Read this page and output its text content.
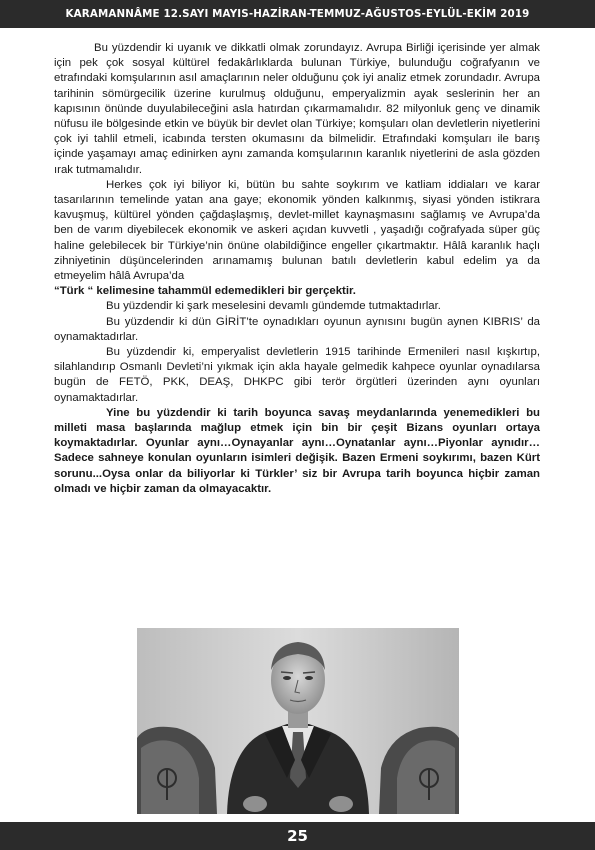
KARAMANNÂME 12.SAYI MAYIS-HAZİRAN-TEMMUZ-AĞUSTOS-EYLÜL-EKİM 2019

Bu yüzdendir ki uyanık ve dikkatli olmak zorundayız. Avrupa Birliği içerisinde yer almak için pek çok sosyal kültürel fedakârlıklarda bulunan Türkiye, bulunduğu coğrafyanın ve etrafındaki komşularının asıl amaçlarının neler olduğunu çok iyi analiz etmek zorundadır. Avrupa tarihinin sömürgecilik üzerine kurulmuş olduğunu, emperyalizmin ayak seslerinin her an kapısının önünde duyulabileceğini asla hatırdan çıkarmamalıdır. 82 milyonluk genç ve dinamik nüfusu ile bölgesinde etkin ve büyük bir devlet olan Türkiye; komşuları olan devletlerin niyetlerini çok iyi tahlil etmeli, icabında tersten okumasını da bilmelidir. Etrafındaki komşuları ile barış içinde yaşamayı amaç edinirken aynı zamanda komşularının karanlık niyetlerini de asla gözden ırak tutmamalıdır.

Herkes çok iyi biliyor ki, bütün bu sahte soykırım ve katliam iddiaları ve karar tasarılarının temelinde yatan ana gaye; ekonomik yönden kalkınmış, siyasi yönden istikrara kavuşmuş, kültürel yönden çağdaşlaşmış, devlet-millet kaynaşmasını sağlamış ve Avrupa’da ben de varım diyebilecek ekonomik ve askeri açıdan kuvvetli , yaşadığı coğrafyada süper güç haline gelebilecek bir Türkiye’nin önüne olabildiğince engeller çıkartmaktır. Hâlâ karanlık haçlı zihniyetinin düşüncelerinden arınamamış bulunan batılı devletlerin kabul edelim ya da etmeyelim hâlâ Avrupa’da

“Türk “ kelimesine tahammül edemedikleri bir gerçektir.

Bu yüzdendir ki şark meselesini devamlı gündemde tutmaktadırlar.

Bu yüzdendir ki dün GİRİT’te oynadıkları oyunun aynısını bugün aynen KIBRIS’ da oynamaktadırlar.

Bu yüzdendir ki, emperyalist devletlerin 1915 tarihinde Ermenileri nasıl kışkırtıp, silahlandırıp Osmanlı Devleti’ni yıkmak için akla hayale gelmedik kahpece oyunlar oynadılarsa bugün de FETÖ, PKK, DEAŞ, DHKPC gibi terör örgütleri üzerinden aynı oyunları oynamaktadırlar.

Yine bu yüzdendir ki tarih boyunca savaş meydanlarında yenemedikleri bu milleti masa başlarında mağlup etmek için bin bir çeşit Bizans oyunları ortaya koymaktadırlar. Oyunlar aynı…Oynayanlar aynı…Oynatanlar aynı…Piyonlar aynıdır…Sadece sahneye konulan oyunların isimleri değişik. Bazen Ermeni soykırımı, bazen Kürt sorunu...Oysa onlar da biliyorlar ki Türkler’ siz bir Avrupa tarih boyunca hiçbir zaman olmadı ve hiçbir zaman da olmayacaktır.

25
